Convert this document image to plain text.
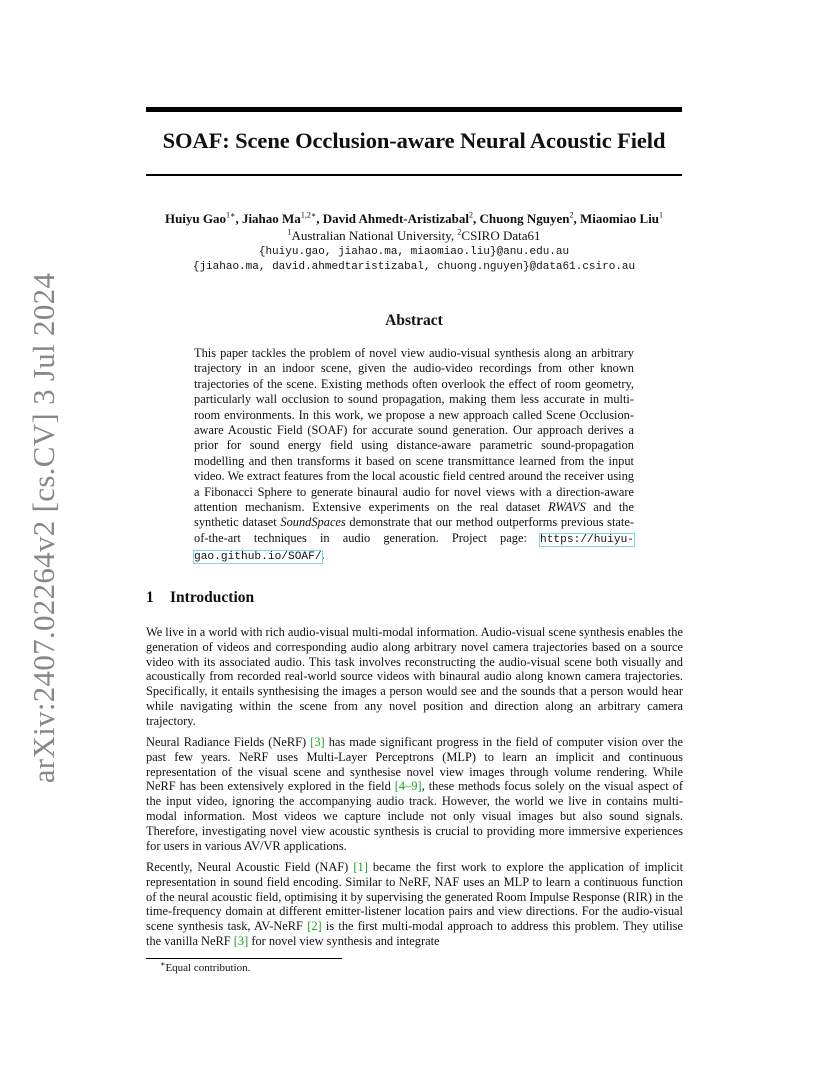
arXiv:2407.02264v2 [cs.CV] 3 Jul 2024
SOAF: Scene Occlusion-aware Neural Acoustic Field
Huiyu Gao$^{1∗}$, Jiahao $Ma^{1,2∗}$, David Ahmedt-Aristizabal$^2$, Chuong Nguyen$^2$, Miaomiao Liu$^1$
$^1$Australian National University, $^2$CSIRO Data61
{huiyu.gao, jiahao.ma, miaomiao.liu}@anu.edu.au
{jiahao.ma, david.ahmedtaristizabal, chuong.nguyen}@data61.csiro.au
Abstract
This paper tackles the problem of novel view audio-visual synthesis along an arbitrary trajectory in an indoor scene, given the audio-video recordings from other known trajectories of the scene. Existing methods often overlook the effect of room geometry, particularly wall occlusion to sound propagation, making them less accurate in multi-room environments. In this work, we propose a new approach called Scene Occlusion-aware Acoustic Field (SOAF) for accurate sound generation. Our approach derives a prior for sound energy field using distance-aware parametric sound-propagation modelling and then transforms it based on scene transmittance learned from the input video. We extract features from the local acoustic field centred around the receiver using a Fibonacci Sphere to generate binaural audio for novel views with a direction-aware attention mechanism. Extensive experiments on the real dataset RWAVS and the synthetic dataset SoundSpaces demonstrate that our method outperforms previous state-of-the-art techniques in audio generation. Project page: https://huiyu-gao.github.io/SOAF/.
1 Introduction
We live in a world with rich audio-visual multi-modal information. Audio-visual scene synthesis enables the generation of videos and corresponding audio along arbitrary novel camera trajectories based on a source video with its associated audio. This task involves reconstructing the audio-visual scene both visually and acoustically from recorded real-world source videos with binaural audio along known camera trajectories. Specifically, it entails synthesising the images a person would see and the sounds that a person would hear while navigating within the scene from any novel position and direction along an arbitrary camera trajectory.
Neural Radiance Fields (NeRF) [3] has made significant progress in the field of computer vision over the past few years. NeRF uses Multi-Layer Perceptrons (MLP) to learn an implicit and continuous representation of the visual scene and synthesise novel view images through volume rendering. While NeRF has been extensively explored in the field [4–9], these methods focus solely on the visual aspect of the input video, ignoring the accompanying audio track. However, the world we live in contains multi-modal information. Most videos we capture include not only visual images but also sound signals. Therefore, investigating novel view acoustic synthesis is crucial to providing more immersive experiences for users in various AV/VR applications.
Recently, Neural Acoustic Field (NAF) [1] became the first work to explore the application of implicit representation in sound field encoding. Similar to NeRF, NAF uses an MLP to learn a continuous function of the neural acoustic field, optimising it by supervising the generated Room Impulse Response (RIR) in the time-frequency domain at different emitter-listener location pairs and view directions. For the audio-visual scene synthesis task, AV-NeRF [2] is the first multi-modal approach to address this problem. They utilise the vanilla NeRF [3] for novel view synthesis and integrate
∗Equal contribution.
